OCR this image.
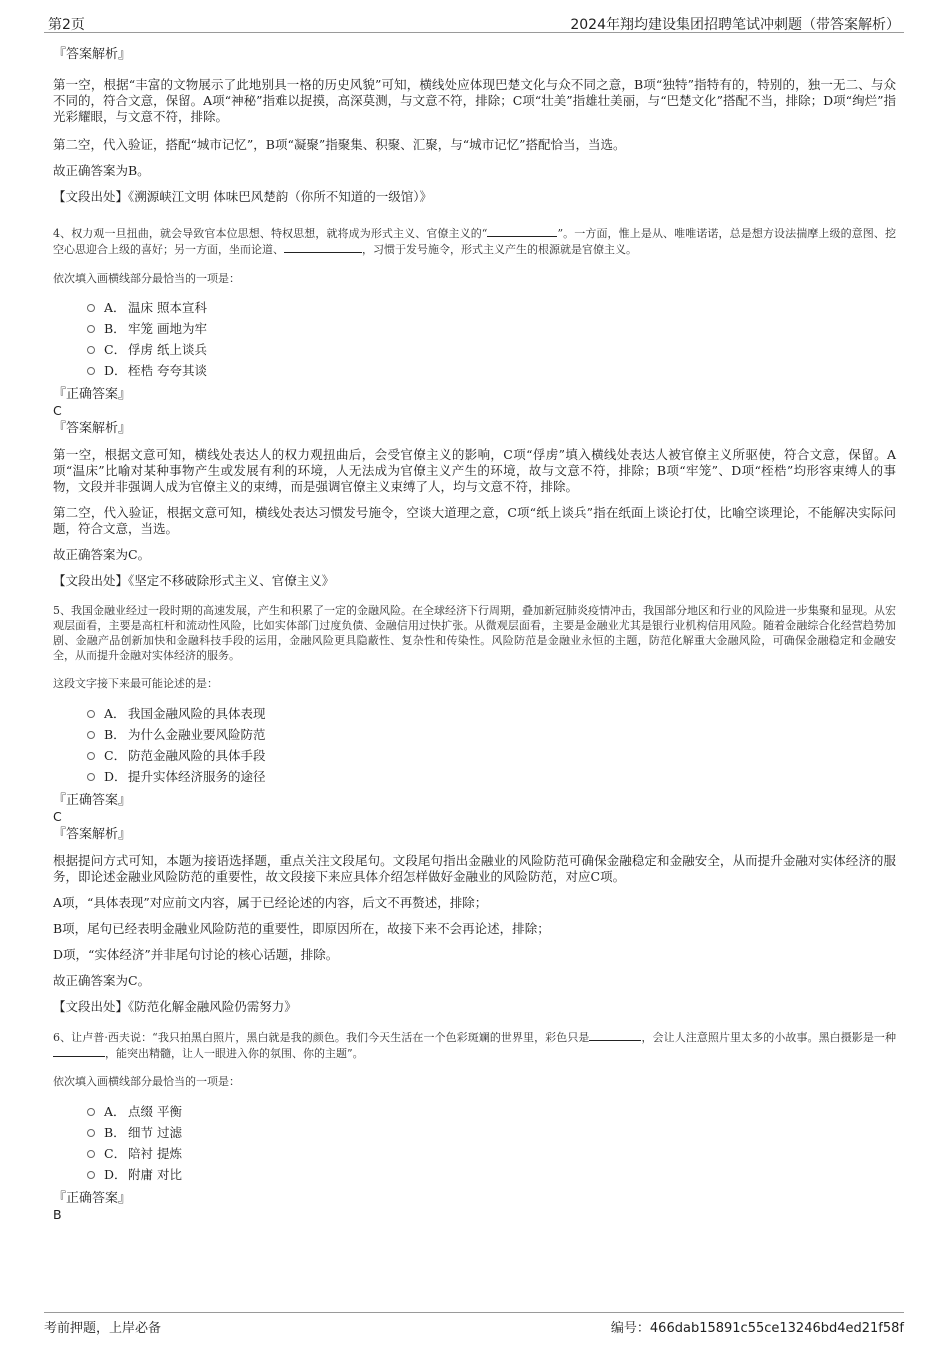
第2页	2024年翔均建设集团招聘笔试冲刺题（带答案解析）

『答案解析』

第一空，根据“丰富的文物展示了此地别具一格的历史风貌”可知，横线处应体现巴楚文化与众不同之意，B项“独特”指特有的，特别的，独一无二、与众不同的，符合文意，保留。A项“神秘”指难以捉摸，高深莫测，与文意不符，排除；C项“壮美”指雄壮美丽，与“巴楚文化”搭配不当，排除；D项“绚烂”指光彩耀眼，与文意不符，排除。

第二空，代入验证，搭配“城市记忆”，B项“凝聚”指聚集、积聚、汇聚，与“城市记忆”搭配恰当，当选。

故正确答案为B。

【文段出处】《溯源峡江文明 体味巴风楚韵（你所不知道的一级馆）》

4、权力观一旦扭曲，就会导致官本位思想、特权思想，就将成为形式主义、官僚主义的“	”。一方面，惟上是从、唯唯诺诺，总是想方设法揣摩上级的意图、挖空心思迎合上级的喜好；另一方面，坐而论道、	，习惯于发号施令，形式主义产生的根源就是官僚主义。

依次填入画横线部分最恰当的一项是：

A． 温床 照本宣科
B． 牢笼 画地为牢
C． 俘虏 纸上谈兵
D． 桎梏 夸夸其谈

『正确答案』

C

『答案解析』

第一空，根据文意可知，横线处表达人的权力观扭曲后，会受官僚主义的影响，C项“俘虏”填入横线处表达人被官僚主义所驱使，符合文意，保留。A项“温床”比喻对某种事物产生或发展有利的环境，人无法成为官僚主义产生的环境，故与文意不符，排除；B项“牢笼”、D项“桎梏”均形容束缚人的事物，文段并非强调人成为官僚主义的束缚，而是强调官僚主义束缚了人，均与文意不符，排除。

第二空，代入验证，根据文意可知，横线处表达习惯发号施令，空谈大道理之意，C项“纸上谈兵”指在纸面上谈论打仗，比喻空谈理论，不能解决实际问题，符合文意，当选。

故正确答案为C。

【文段出处】《坚定不移破除形式主义、官僚主义》

5、我国金融业经过一段时期的高速发展，产生和积累了一定的金融风险。在全球经济下行周期，叠加新冠肺炎疫情冲击，我国部分地区和行业的风险进一步集聚和显现。从宏观层面看，主要是高杠杆和流动性风险，比如实体部门过度负债、金融信用过快扩张。从微观层面看，主要是金融业尤其是银行业机构信用风险。随着金融综合化经营趋势加剧、金融产品创新加快和金融科技手段的运用，金融风险更具隐蔽性、复杂性和传染性。风险防范是金融业永恒的主题，防范化解重大金融风险，可确保金融稳定和金融安全，从而提升金融对实体经济的服务。

这段文字接下来最可能论述的是：

A． 我国金融风险的具体表现
B． 为什么金融业要风险防范
C． 防范金融风险的具体手段
D． 提升实体经济服务的途径

『正确答案』

C

『答案解析』

根据提问方式可知，本题为接语选择题，重点关注文段尾句。文段尾句指出金融业的风险防范可确保金融稳定和金融安全，从而提升金融对实体经济的服务，即论述金融业风险防范的重要性，故文段接下来应具体介绍怎样做好金融业的风险防范，对应C项。

A项，“具体表现”对应前文内容，属于已经论述的内容，后文不再赘述，排除；

B项，尾句已经表明金融业风险防范的重要性，即原因所在，故接下来不会再论述，排除；

D项，“实体经济”并非尾句讨论的核心话题，排除。

故正确答案为C。

【文段出处】《防范化解金融风险仍需努力》

6、让卢普·西夫说：“我只拍黑白照片，黑白就是我的颜色。我们今天生活在一个色彩斑斓的世界里，彩色只是	，会让人注意照片里太多的小故事。黑白摄影是一种，能突出精髓，让人一眼进入你的氛围、你的主题”。

依次填入画横线部分最恰当的一项是：

A． 点缀 平衡
B． 细节 过滤
C． 陪衬 提炼
D． 附庸 对比

『正确答案』

B

考前押题，上岸必备	编号：466dab15891c55ce13246bd4ed21f58f
